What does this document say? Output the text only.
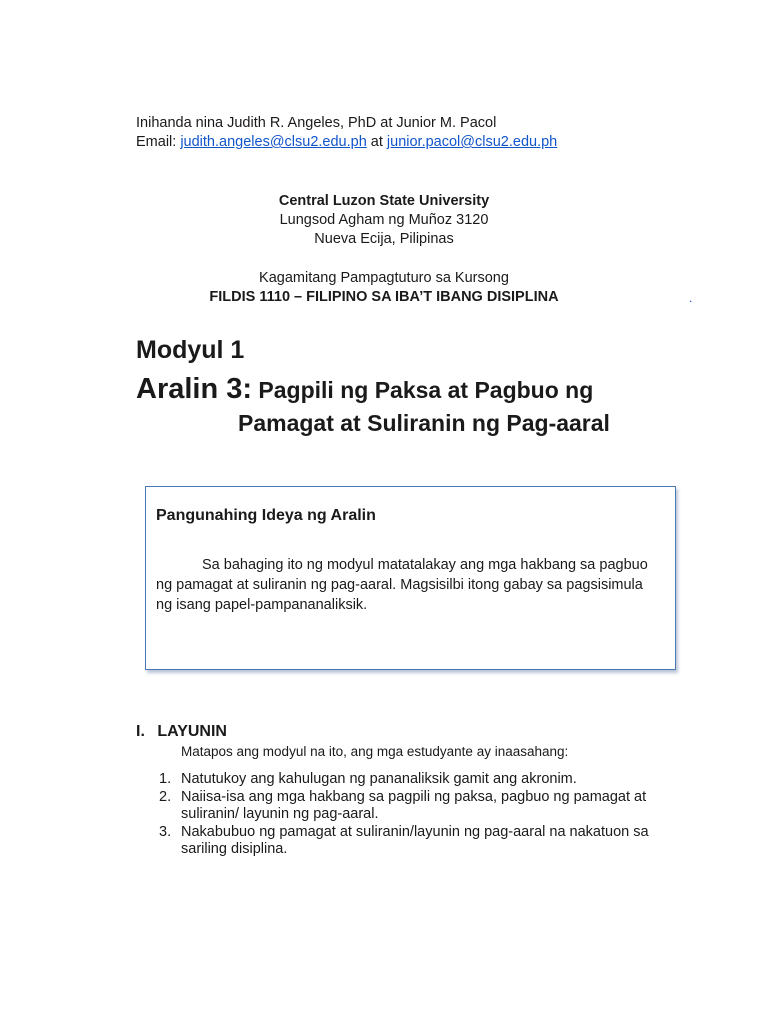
Inihanda nina Judith R. Angeles, PhD at Junior M. Pacol
Email: judith.angeles@clsu2.edu.ph at junior.pacol@clsu2.edu.ph
Central Luzon State University
Lungsod Agham ng Muñoz 3120
Nueva Ecija, Pilipinas
Kagamitang Pampagtuturo sa Kursong
FILDIS 1110 – FILIPINO SA IBA’T IBANG DISIPLINA	.
Modyul 1
Aralin 3: Pagpili ng Paksa at Pagbuo ng
Pamagat at Suliranin ng Pag-aaral
Pangunahing Ideya ng Aralin
Sa bahaging ito ng modyul matatalakay ang mga hakbang sa pagbuo
ng pamagat at suliranin ng pag-aaral. Magsisilbi itong gabay sa pagsisimula
ng isang papel-pampananaliksik.
I. LAYUNIN
Matapos ang modyul na ito, ang mga estudyante ay inaasahang:
1. Natutukoy ang kahulugan ng pananaliksik gamit ang akronim.
2. Naiisa-isa ang mga hakbang sa pagpili ng paksa, pagbuo ng pamagat at
suliranin/ layunin ng pag-aaral.
3. Nakabubuo ng pamagat at suliranin/layunin ng pag-aaral na nakatuon sa
sariling disiplina.
